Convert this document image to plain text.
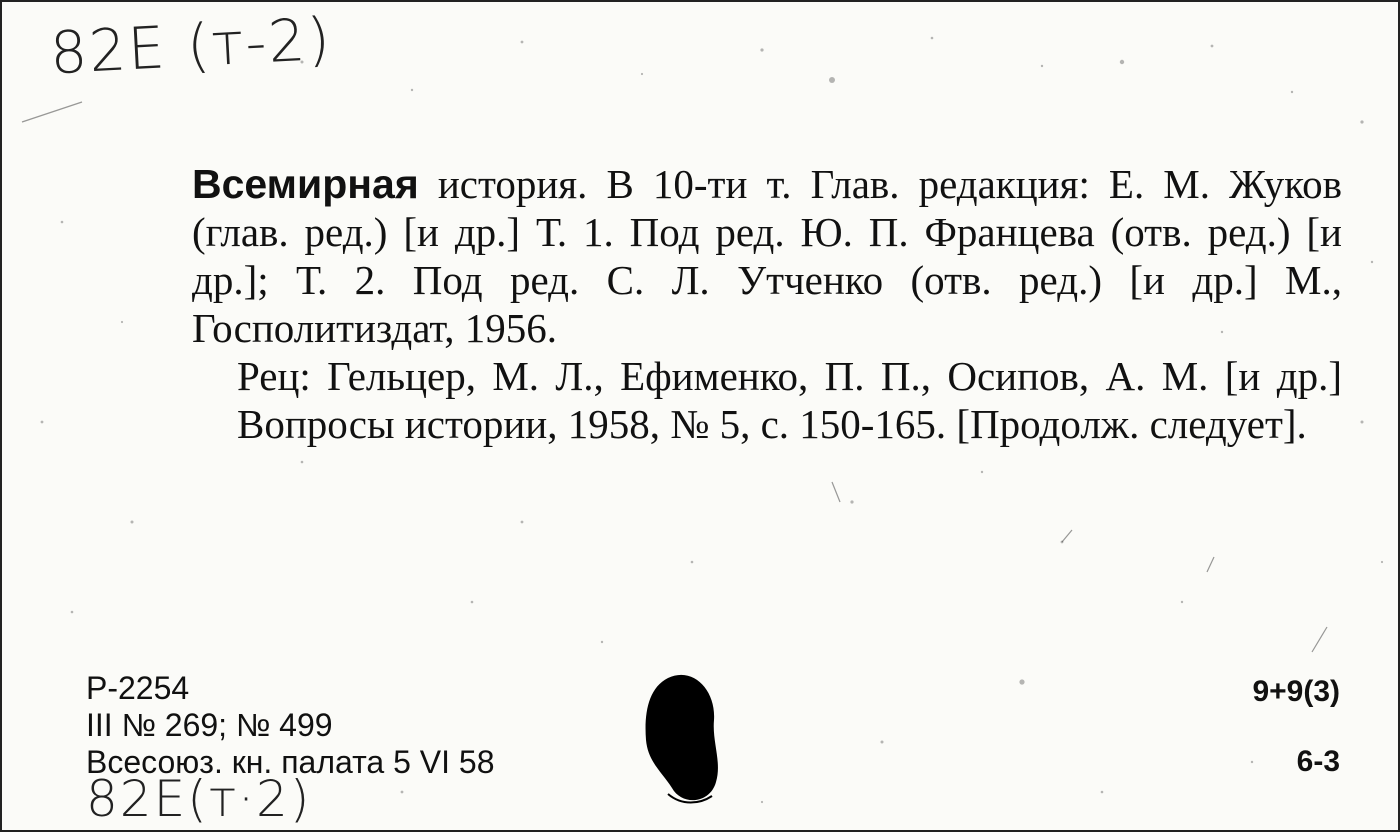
82E (т-2)

Всемирная история. В 10-ти т. Глав. редакция: Е. М. Жуков (глав. ред.) [и др.] Т. 1. Под ред. Ю. П. Францева (отв. ред.) [и др.]; Т. 2. Под ред. С. Л. Утченко (отв. ред.) [и др.] М., Госполитиздат, 1956.

Рец: Гельцер, М. Л., Ефименко, П. П., Осипов, А. М. [и др.] Вопросы истории, 1958, № 5, с. 150-165. [Продолж. следует].

Р-2254
III № 269; № 499
Всесоюз. кн. палата 5 VI 58
9+9(3)
6-3
82E(т·2)
